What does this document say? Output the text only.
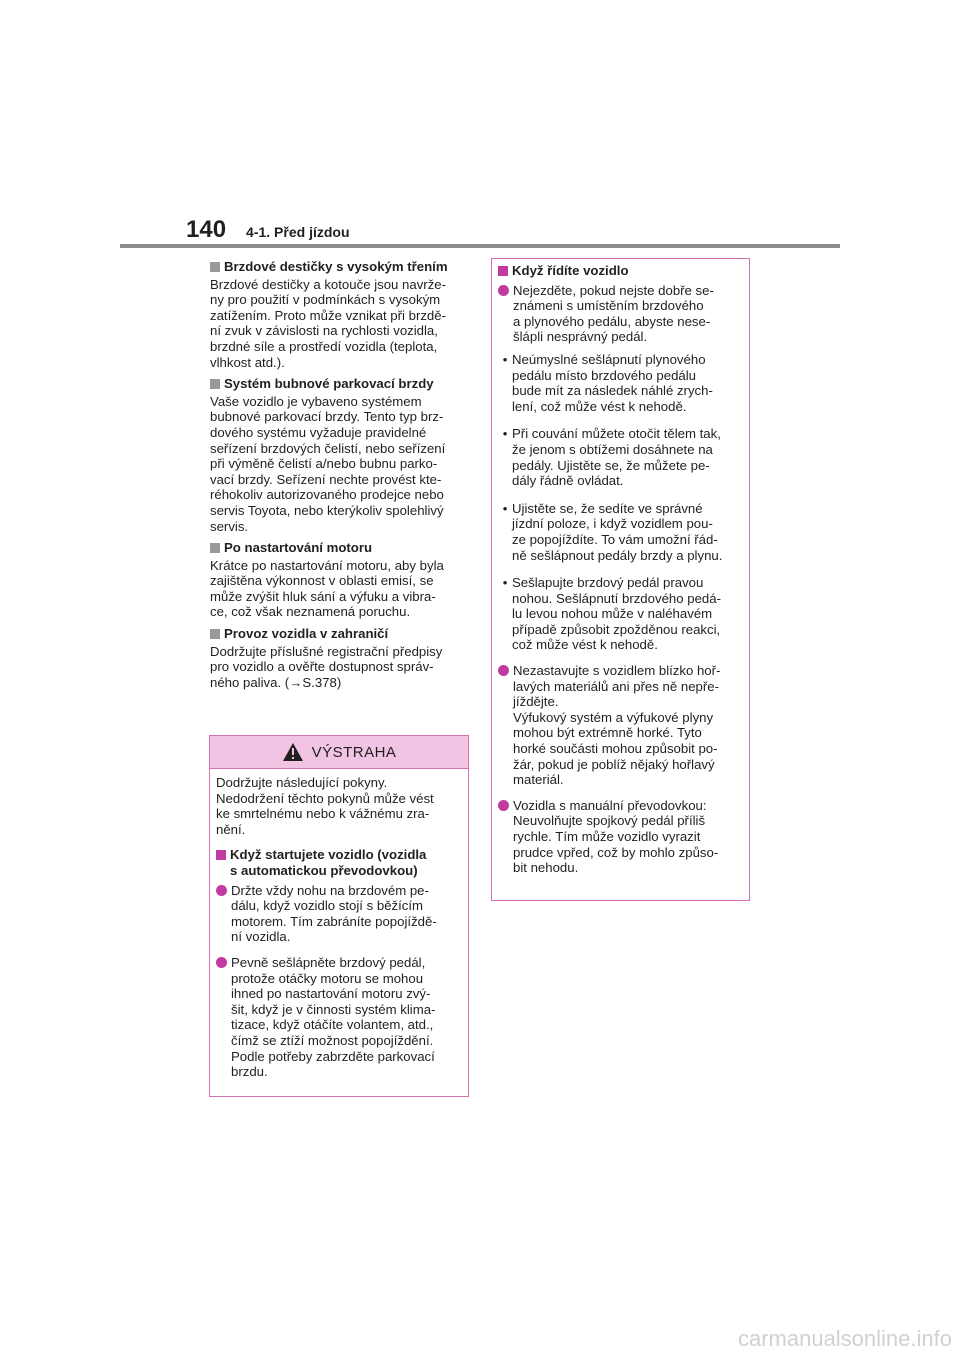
140 4-1. Před jízdou
Brzdové destičky s vysokým třením
Brzdové destičky a kotouče jsou navrže-
ny pro použití v podmínkách s vysokým
zatížením. Proto může vznikat při brzdě-
ní zvuk v závislosti na rychlosti vozidla,
brzdné síle a prostředí vozidla (teplota,
vlhkost atd.).
Systém bubnové parkovací brzdy
Vaše vozidlo je vybaveno systémem
bubnové parkovací brzdy. Tento typ brz-
dového systému vyžaduje pravidelné
seřízení brzdových čelistí, nebo seřízení
při výměně čelistí a/nebo bubnu parko-
vací brzdy. Seřízení nechte provést kte-
réhokoliv autorizovaného prodejce nebo
servis Toyota, nebo kterýkoliv spolehlivý
servis.
Po nastartování motoru
Krátce po nastartování motoru, aby byla
zajištěna výkonnost v oblasti emisí, se
může zvýšit hluk sání a výfuku a vibra-
ce, což však neznamená poruchu.
Provoz vozidla v zahraničí
Dodržujte příslušné registrační předpisy
pro vozidlo a ověřte dostupnost správ-
ného paliva. (→S.378)
VÝSTRAHA
Dodržujte následující pokyny.
Nedodržení těchto pokynů může vést
ke smrtelnému nebo k vážnému zra-
nění.
Když startujete vozidlo (vozidla
s automatickou převodovkou)
Držte vždy nohu na brzdovém pe-
dálu, když vozidlo stojí s běžícím
motorem. Tím zabráníte popojíždě-
ní vozidla.
Pevně sešlápněte brzdový pedál,
protože otáčky motoru se mohou
ihned po nastartování motoru zvý-
šit, když je v činnosti systém klima-
tizace, když otáčíte volantem, atd.,
čímž se ztíží možnost popojíždění.
Podle potřeby zabrzděte parkovací
brzdu.
Když řídíte vozidlo
Nejezděte, pokud nejste dobře se-
známeni s umístěním brzdového
a plynového pedálu, abyste nese-
šlápli nesprávný pedál.
• Neúmyslné sešlápnutí plynového
pedálu místo brzdového pedálu
bude mít za následek náhlé zrych-
lení, což může vést k nehodě.
• Při couvání můžete otočit tělem tak,
že jenom s obtížemi dosáhnete na
pedály. Ujistěte se, že můžete pe-
dály řádně ovládat.
• Ujistěte se, že sedíte ve správné
jízdní poloze, i když vozidlem pou-
ze popojíždíte. To vám umožní řád-
ně sešlápnout pedály brzdy a plynu.
• Sešlapujte brzdový pedál pravou
nohou. Sešlápnutí brzdového pedá-
lu levou nohou může v naléhavém
případě způsobit zpožděnou reakci,
což může vést k nehodě.
Nezastavujte s vozidlem blízko hoř-
lavých materiálů ani přes ně nepře-
jíždějte.
Výfukový systém a výfukové plyny
mohou být extrémně horké. Tyto
horké součásti mohou způsobit po-
žár, pokud je poblíž nějaký hořlavý
materiál.
Vozidla s manuální převodovkou:
Neuvolňujte spojkový pedál příliš
rychle. Tím může vozidlo vyrazit
prudce vpřed, což by mohlo způso-
bit nehodu.
carmanualsonline.info
